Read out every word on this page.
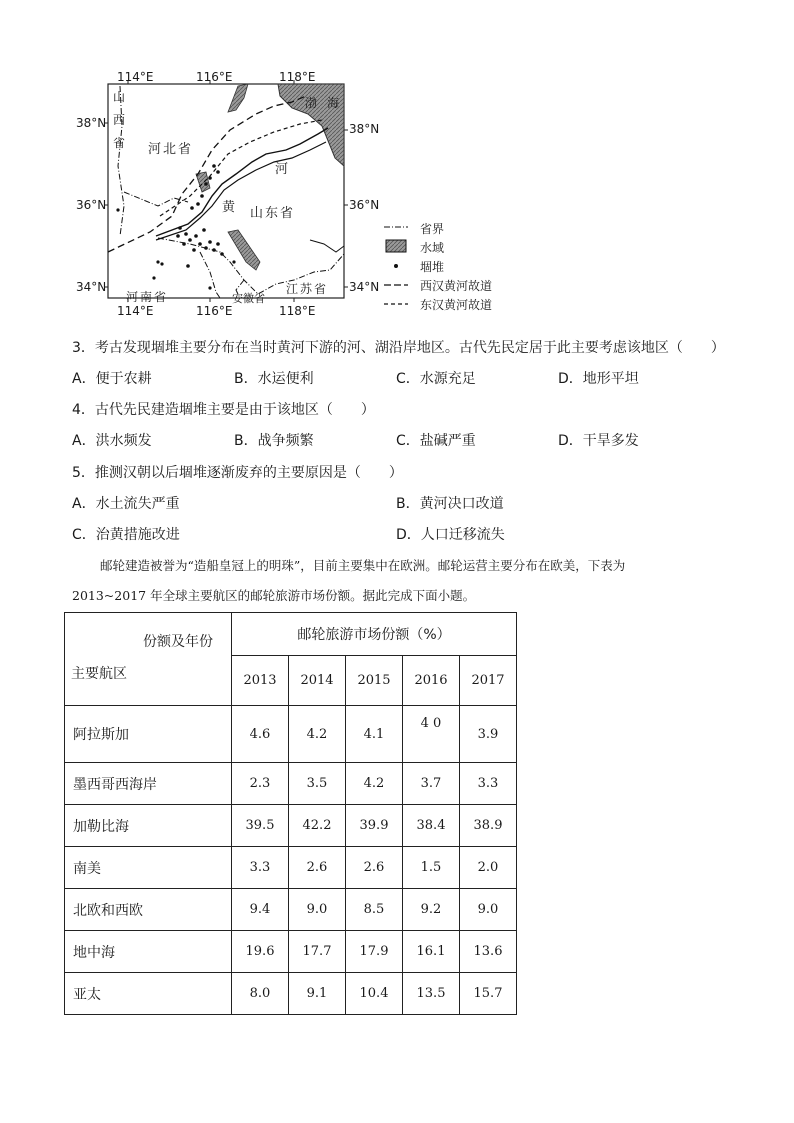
114°E	116°E	118°E
114°E	116°E	118°E
38°N
36°N
34°N
38°N
36°N
34°N
山
西
省 河北省
渤 海
河
黄 山东省
河南省	安徽省
江苏省
省界
水域
堌堆
西汉黄河故道
东汉黄河故道
3．考古发现堌堆主要分布在当时黄河下游的河、湖沿岸地区。古代先民定居于此主要考虑该地区（　　）
A．便于农耕	B．水运便利	C．水源充足	D．地形平坦
4．古代先民建造堌堆主要是由于该地区（　　）
A．洪水频发	B．战争频繁	C．盐碱严重	D．干旱多发
5．推测汉朝以后堌堆逐渐废弃的主要原因是（　　）
A．水土流失严重	B．黄河决口改道
C．治黄措施改进	D．人口迁移流失
邮轮建造被誉为“造船皇冠上的明珠”，目前主要集中在欧洲。邮轮运营主要分布在欧美，下表为
2013~2017 年全球主要航区的邮轮旅游市场份额。据此完成下面小题。
份额及年份
主要航区	邮轮旅游市场份额（%）				
	2013	2014	2015	2016	2017
阿拉斯加	4.6	4.2	4.1	4 0	3.9
墨西哥西海岸	2.3	3.5	4.2	3.7	3.3
加勒比海	39.5	42.2	39.9	38.4	38.9
南美	3.3	2.6	2.6	1.5	2.0
北欧和西欧	9.4	9.0	8.5	9.2	9.0
地中海	19.6	17.7	17.9	16.1	13.6
亚太	8.0	9.1	10.4	13.5	15.7
